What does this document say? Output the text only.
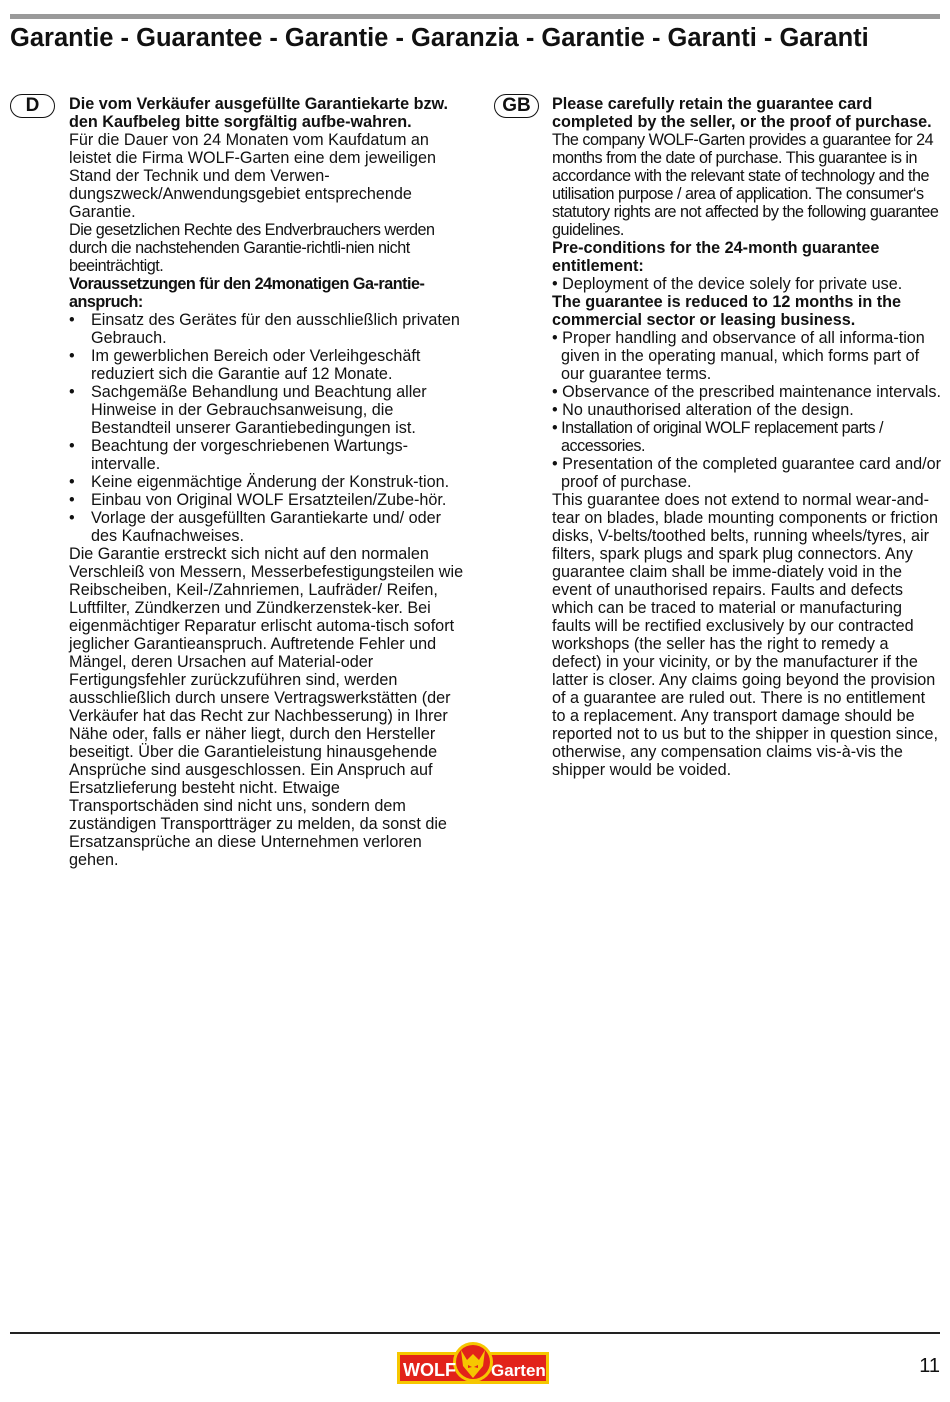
Garantie - Guarantee - Garantie - Garanzia - Garantie - Garanti - Garanti
D	Die vom Verkäufer ausgefüllte Garantiekarte bzw. den Kaufbeleg bitte sorgfältig aufbe-wahren.

Für die Dauer von 24 Monaten vom Kaufdatum an leistet die Firma WOLF-Garten eine dem jeweiligen Stand der Technik und dem Verwen-dungszweck/Anwendungsgebiet entsprechende Garantie.

Die gesetzlichen Rechte des Endverbrauchers werden durch die nachstehenden Garantie-richtli-nien nicht beeinträchtigt.

Voraussetzungen für den 24monatigen Ga-rantie-anspruch:

• Einsatz des Gerätes für den ausschließlich privaten Gebrauch.
• Im gewerblichen Bereich oder Verleihgeschäft reduziert sich die Garantie auf 12 Monate.
• Sachgemäße Behandlung und Beachtung aller Hinweise in der Gebrauchsanweisung, die Bestandteil unserer Garantiebedingungen ist.
• Beachtung der vorgeschriebenen Wartungs-intervalle.
• Keine eigenmächtige Änderung der Konstruk-tion.
• Einbau von Original WOLF Ersatzteilen/Zube-hör.
• Vorlage der ausgefüllten Garantiekarte und/ oder des Kaufnachweises.

Die Garantie erstreckt sich nicht auf den normalen Verschleiß von Messern, Messerbefestigungsteilen wie Reibscheiben, Keil-/Zahnriemen, Laufräder/ Reifen, Luftfilter, Zündkerzen und Zündkerzenstek-ker. Bei eigenmächtiger Reparatur erlischt automa-tisch sofort jeglicher Garantieanspruch. Auftretende Fehler und Mängel, deren Ursachen auf Material-oder Fertigungsfehler zurückzuführen sind, werden ausschließlich durch unsere Vertragswerkstätten (der Verkäufer hat das Recht zur Nachbesserung) in Ihrer Nähe oder, falls er näher liegt, durch den Hersteller beseitigt. Über die Garantieleistung hinausgehende Ansprüche sind ausgeschlossen. Ein Anspruch auf Ersatzlieferung besteht nicht. Etwaige Transportschäden sind nicht uns, sondern dem zuständigen Transportträger zu melden, da sonst die Ersatzansprüche an diese Unternehmen verloren gehen.

GB	Please carefully retain the guarantee card completed by the seller, or the proof of purchase.

The company WOLF-Garten provides a guarantee for 24 months from the date of purchase. This guarantee is in accordance with the relevant state of technology and the utilisation purpose / area of application. The consumer‘s statutory rights are not affected by the following guarantee guidelines.

Pre-conditions for the 24-month guarantee entitlement:

• Deployment of the device solely for private use.

The guarantee is reduced to 12 months in the commercial sector or leasing business.

• Proper handling and observance of all informa-tion given in the operating manual, which forms part of our guarantee terms.

• Observance of the prescribed maintenance intervals.

• No unauthorised alteration of the design.

• Installation of original WOLF replacement parts / accessories.

• Presentation of the completed guarantee card and/or proof of purchase.

This guarantee does not extend to normal wear-and-tear on blades, blade mounting components or friction disks, V-belts/toothed belts, running wheels/tyres, air filters, spark plugs and spark plug connectors. Any guarantee claim shall be imme-diately void in the event of unauthorised repairs. Faults and defects which can be traced to material or manufacturing faults will be rectified exclusively by our contracted workshops (the seller has the right to remedy a defect) in your vicinity, or by the manufacturer if the latter is closer. Any claims going beyond the provision of a guarantee are ruled out. There is no entitlement to a replacement. Any transport damage should be reported not to us but to the shipper in question since, otherwise, any compensation claims vis-à-vis the shipper would be voided.

WOLF Garten	11
